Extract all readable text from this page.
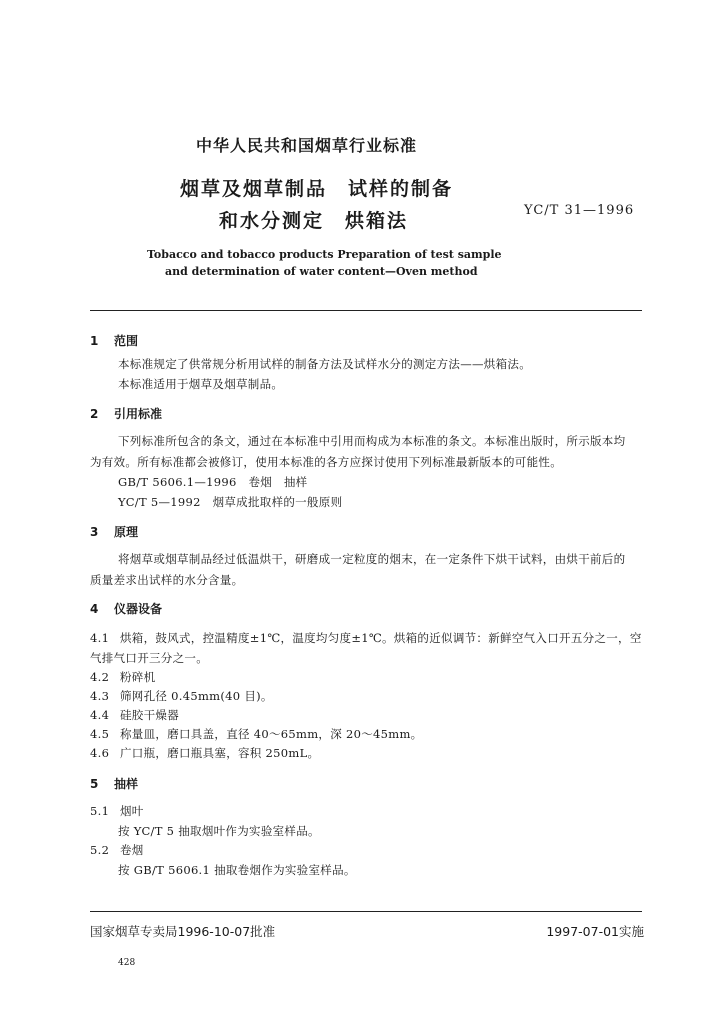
中华人民共和国烟草行业标准
烟草及烟草制品　试样的制备
和水分测定　烘箱法	YC/T 31—1996
Tobacco and tobacco products Preparation of test sample
and determination of water content—Oven method
1 范围
本标准规定了供常规分析用试样的制备方法及试样水分的测定方法——烘箱法。
本标准适用于烟草及烟草制品。
2 引用标准
下列标准所包含的条文，通过在本标准中引用而构成为本标准的条文。本标准出版时，所示版本均
为有效。所有标准都会被修订，使用本标准的各方应探讨使用下列标准最新版本的可能性。
GB/T 5606.1—1996　卷烟　抽样
YC/T 5—1992　烟草成批取样的一般原则
3 原理
将烟草或烟草制品经过低温烘干，研磨成一定粒度的烟末，在一定条件下烘干试料，由烘干前后的
质量差求出试样的水分含量。
4 仪器设备
4.1 烘箱，鼓风式，控温精度±1℃，温度均匀度±1℃。烘箱的近似调节：新鲜空气入口开五分之一，空
气排气口开三分之一。
4.2 粉碎机
4.3 筛网孔径 0.45mm(40 目)。
4.4 硅胶干燥器
4.5 称量皿，磨口具盖，直径 40～65mm，深 20～45mm。
4.6 广口瓶，磨口瓶具塞，容积 250mL。
5 抽样
5.1 烟叶
按 YC/T 5 抽取烟叶作为实验室样品。
5.2 卷烟
按 GB/T 5606.1 抽取卷烟作为实验室样品。
国家烟草专卖局1996-10-07批准	1997-07-01实施
428
